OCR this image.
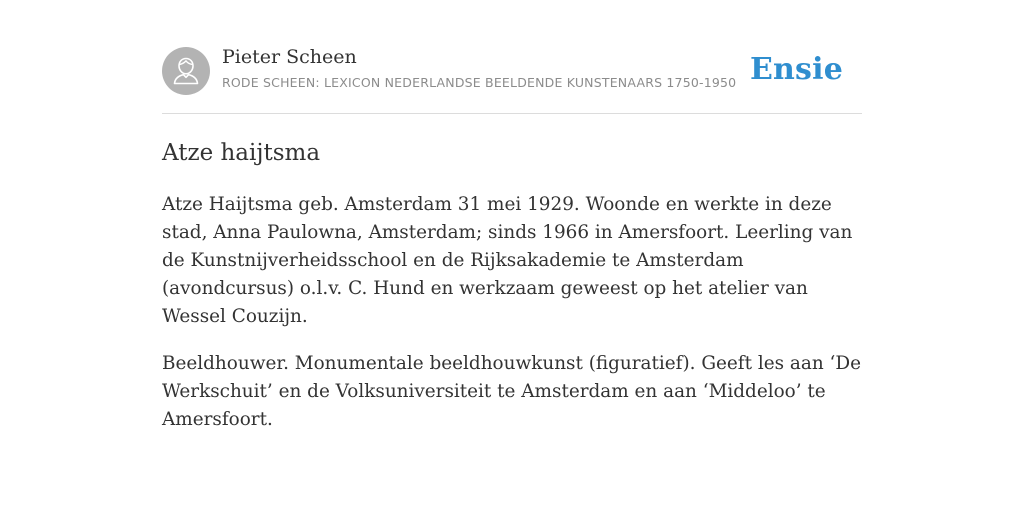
Pieter Scheen
RODE SCHEEN: LEXICON NEDERLANDSE BEELDENDE KUNSTENAARS 1750-1950 Ensie
Atze haijtsma

Atze Haijtsma geb. Amsterdam 31 mei 1929. Woonde en werkte in deze stad, Anna Paulowna, Amsterdam; sinds 1966 in Amersfoort. Leerling van de Kunstnijverheidsschool en de Rijksakademie te Amsterdam (avondcursus) o.l.v. C. Hund en werkzaam geweest op het atelier van Wessel Couzijn.

Beeldhouwer. Monumentale beeldhouwkunst (figuratief). Geeft les aan ‘De Werkschuit’ en de Volksuniversiteit te Amsterdam en aan ‘Middeloo’ te Amersfoort.
